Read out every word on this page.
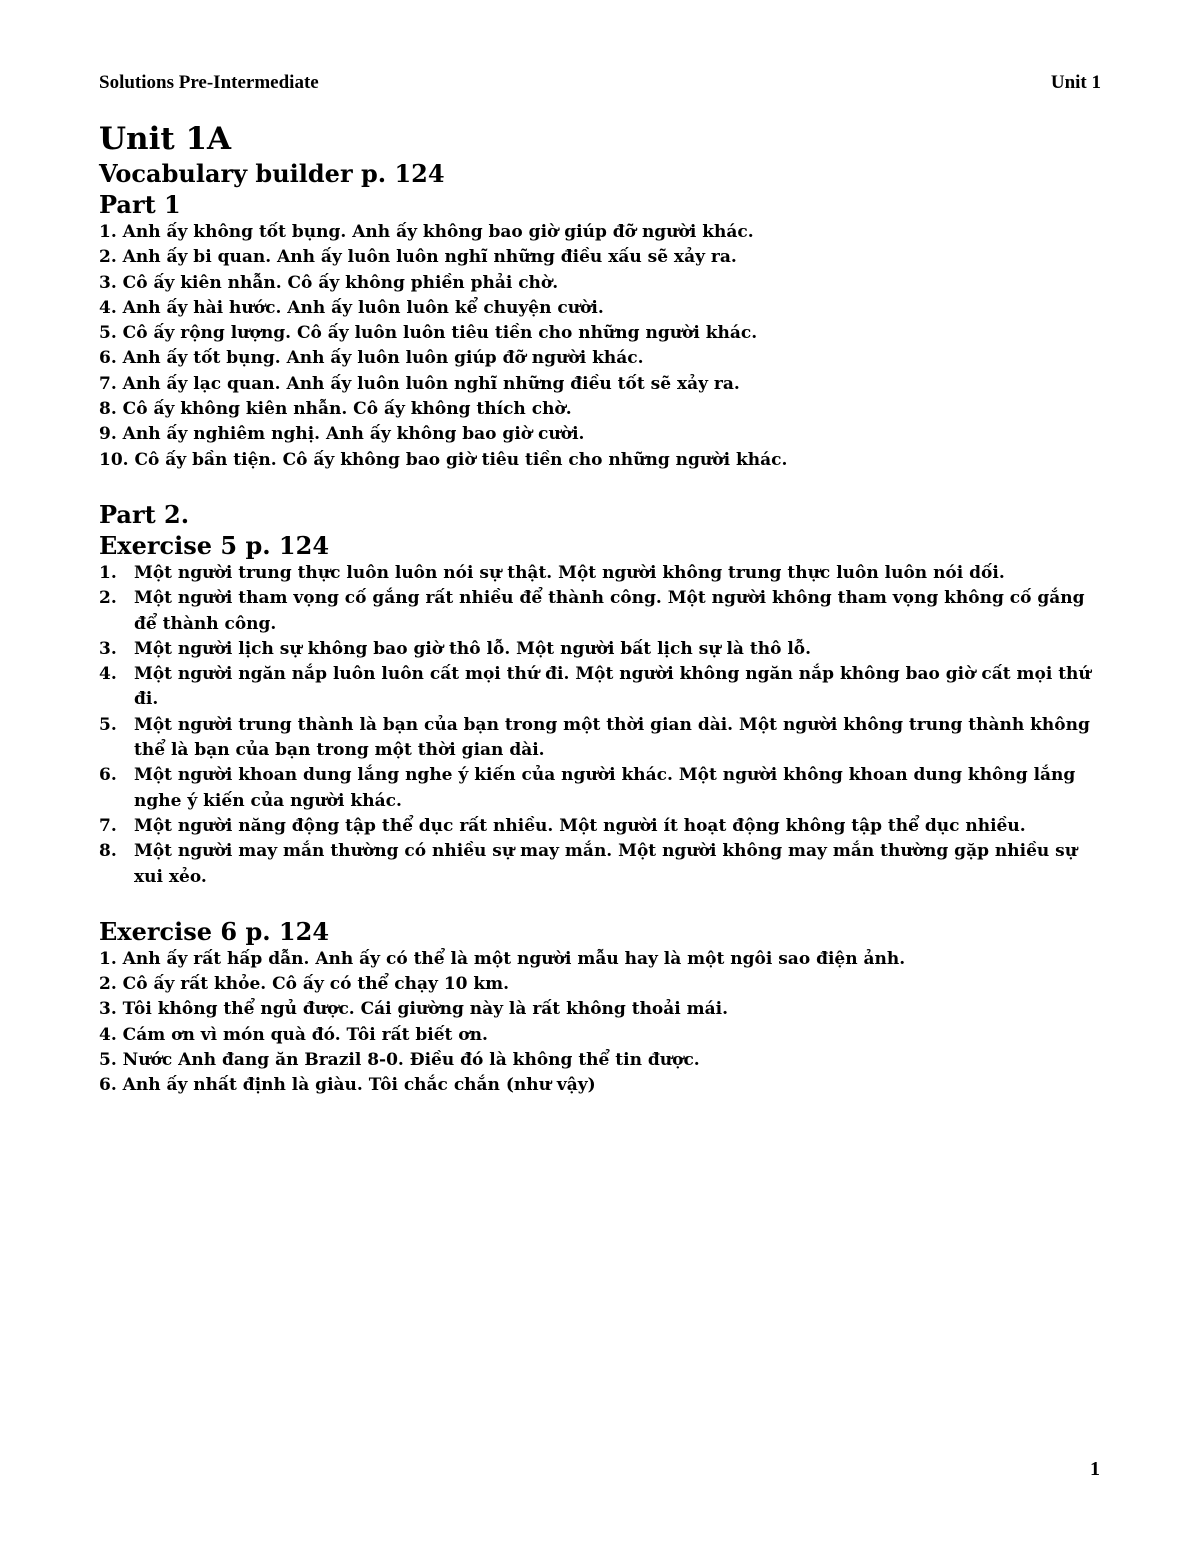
Solutions Pre-Intermediate	Unit 1
Unit 1A
Vocabulary builder p. 124
Part 1
1. Anh ấy không tốt bụng. Anh ấy không bao giờ giúp đỡ người khác.
2. Anh ấy bi quan. Anh ấy luôn luôn nghĩ những điều xấu sẽ xảy ra.
3. Cô ấy kiên nhẫn. Cô ấy không phiền phải chờ.
4. Anh ấy hài hước. Anh ấy luôn luôn kể chuyện cười.
5. Cô ấy rộng lượng. Cô ấy luôn luôn tiêu tiền cho những người khác.
6. Anh ấy tốt bụng. Anh ấy luôn luôn giúp đỡ người khác.
7. Anh ấy lạc quan. Anh ấy luôn luôn nghĩ những điều tốt sẽ xảy ra.
8. Cô ấy không kiên nhẫn. Cô ấy không thích chờ.
9. Anh ấy nghiêm nghị. Anh ấy không bao giờ cười.
10. Cô ấy bần tiện. Cô ấy không bao giờ tiêu tiền cho những người khác.
Part 2.
Exercise 5 p. 124
1.	Một người trung thực luôn luôn nói sự thật. Một người không trung thực luôn luôn nói dối.
2.	Một người tham vọng cố gắng rất nhiều để thành công. Một người không tham vọng không cố gắng để thành công.
3.	Một người lịch sự không bao giờ thô lỗ. Một người bất lịch sự là thô lỗ.
4.	Một người ngăn nắp luôn luôn cất mọi thứ đi. Một người không ngăn nắp không bao giờ cất mọi thứ đi.
5.	Một người trung thành là bạn của bạn trong một thời gian dài. Một người không trung thành không thể là bạn của bạn trong một thời gian dài.
6.	Một người khoan dung lắng nghe ý kiến của người khác. Một người không khoan dung không lắng nghe ý kiến của người khác.
7.	Một người năng động tập thể dục rất nhiều. Một người ít hoạt động không tập thể dục nhiều.
8.	Một người may mắn thường có nhiều sự may mắn. Một người không may mắn thường gặp nhiều sự xui xẻo.
Exercise 6 p. 124
1. Anh ấy rất hấp dẫn. Anh ấy có thể là một người mẫu hay là một ngôi sao điện ảnh.
2. Cô ấy rất khỏe. Cô ấy có thể chạy 10 km.
3. Tôi không thể ngủ được. Cái giường này là rất không thoải mái.
4. Cám ơn vì món quà đó. Tôi rất biết ơn.
5. Nước Anh đang ăn Brazil 8-0. Điều đó là không thể tin được.
6. Anh ấy nhất định là giàu. Tôi chắc chắn (như vậy)
1
